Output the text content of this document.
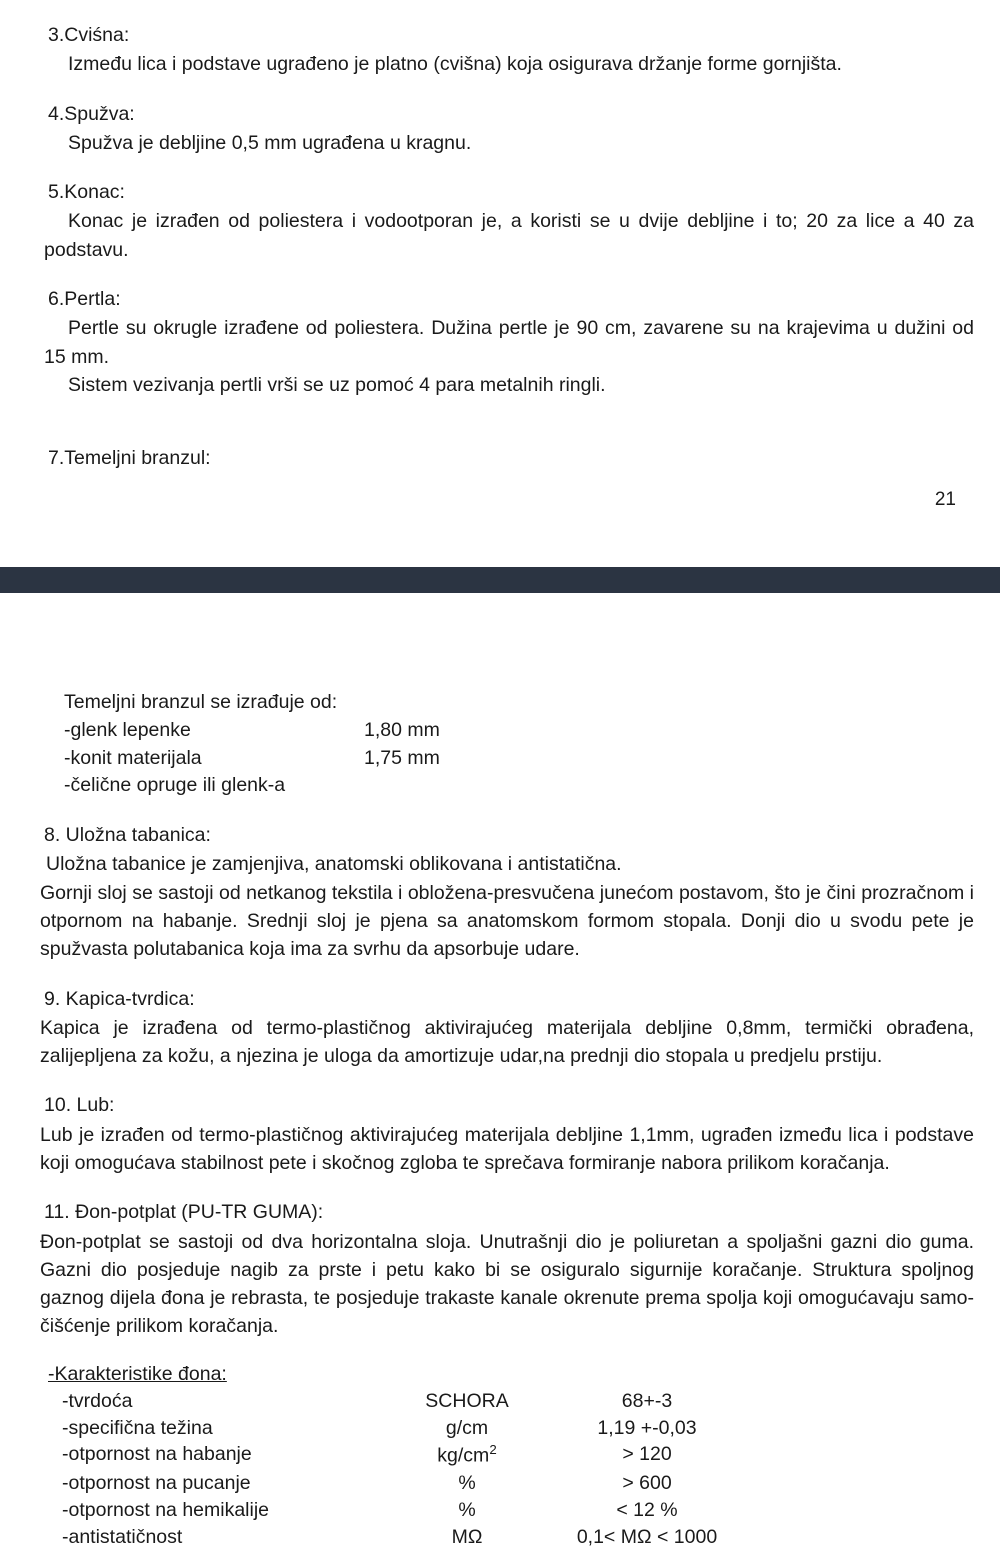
3.Cviśna:

Između lica i podstave ugrađeno je platno (cvišna) koja osigurava držanje forme gornjišta.

4.Spužva:

Spužva je debljine 0,5 mm ugrađena u kragnu.

5.Konac:

Konac je izrađen od poliestera i vodootporan je, a koristi se u dvije debljine i to; 20 za lice a 40 za podstavu.

6.Pertla:

Pertle su okrugle izrađene od poliestera. Dužina pertle je 90 cm, zavarene su na krajevima u dužini od 15 mm.

Sistem vezivanja pertli vrši se uz pomoć 4 para metalnih ringli.

7.Temeljni branzul:
21
Temeljni branzul se izrađuje od:
-glenk lepenke	1,80 mm
-konit materijala	1,75 mm
-čelične opruge ili glenk-a
8. Uložna tabanica:

Uložna tabanice je zamjenjiva, anatomski oblikovana i antistatična.

Gornji sloj se sastoji od netkanog tekstila i obložena-presvučena junećom postavom, što je čini prozračnom i otpornom na habanje. Srednji sloj je pjena sa anatomskom formom stopala. Donji dio u svodu pete je spužvasta polutabanica koja ima za svrhu da apsorbuje udare.

9. Kapica-tvrdica:

Kapica je izrađena od termo-plastičnog aktivirajućeg materijala debljine 0,8mm, termički obrađena, zalijepljena za kožu, a njezina je uloga da amortizuje udar,na prednji dio stopala u predjelu prstiju.

10. Lub:

Lub je izrađen od termo-plastičnog aktivirajućeg materijala debljine 1,1mm, ugrađen između lica i podstave koji omogućava stabilnost pete i skočnog zgloba te sprečava formiranje nabora prilikom koračanja.

11. Đon-potplat (PU-TR GUMA):

Đon-potplat se sastoji od dva horizontalna sloja. Unutrašnji dio je poliuretan a spoljašni gazni dio guma. Gazni dio posjeduje nagib za prste i petu kako bi se osiguralo sigurnije koračanje. Struktura spoljnog gaznog dijela đona je rebrasta, te posjeduje trakaste kanale okrenute prema spolja koji omogućavaju samo-čišćenje prilikom koračanja.

-Karakteristike đona:
-tvrdoća	SCHORA	68+-3
-specifična težina	g/cm	1,19 +-0,03
-otpornost na habanje	$kg/cm^2$	> 120
-otpornost na pucanje	%	> 600
-otpornost na hemikalije	%	< 12 %
-antistatičnost	MΩ	0,1< MΩ < 1000
